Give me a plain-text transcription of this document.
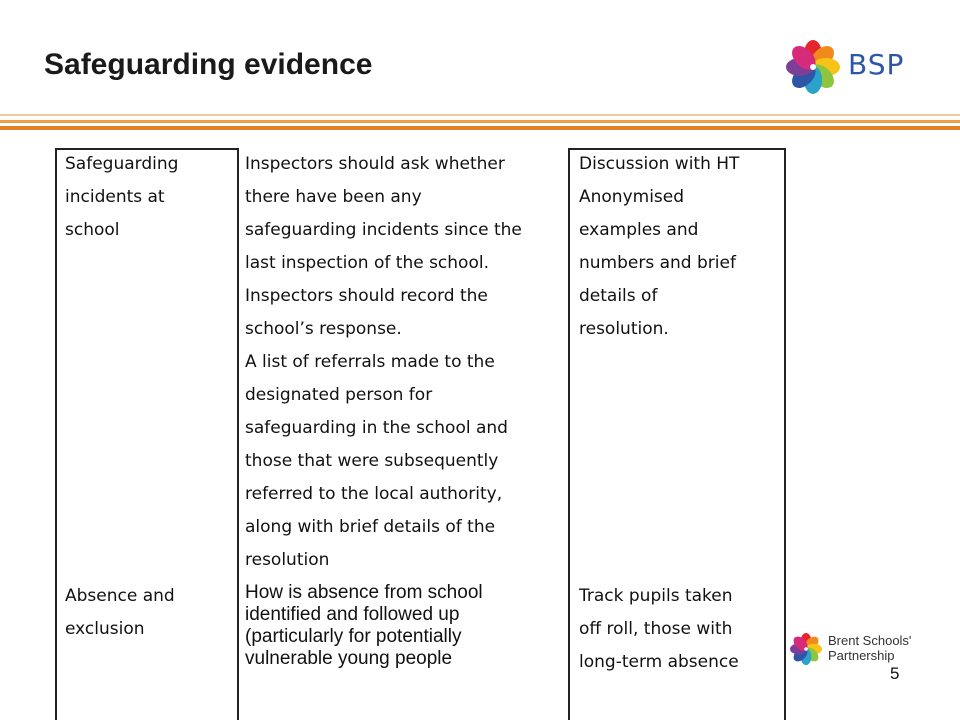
Safeguarding evidence	BSP
Safeguarding
incidents at
school
Inspectors should ask whether
there have been any
safeguarding incidents since the
last inspection of the school.
Inspectors should record the
school’s response.
A list of referrals made to the
designated person for
safeguarding in the school and
those that were subsequently
referred to the local authority,
along with brief details of the
resolution
Discussion with HT
Anonymised
examples and
numbers and brief
details of
resolution.
Absence and
exclusion
How is absence from school
identified and followed up
(particularly for potentially
vulnerable young people
Track pupils taken
off roll, those with
long-term absence
Brent Schools'
Partnership
5
